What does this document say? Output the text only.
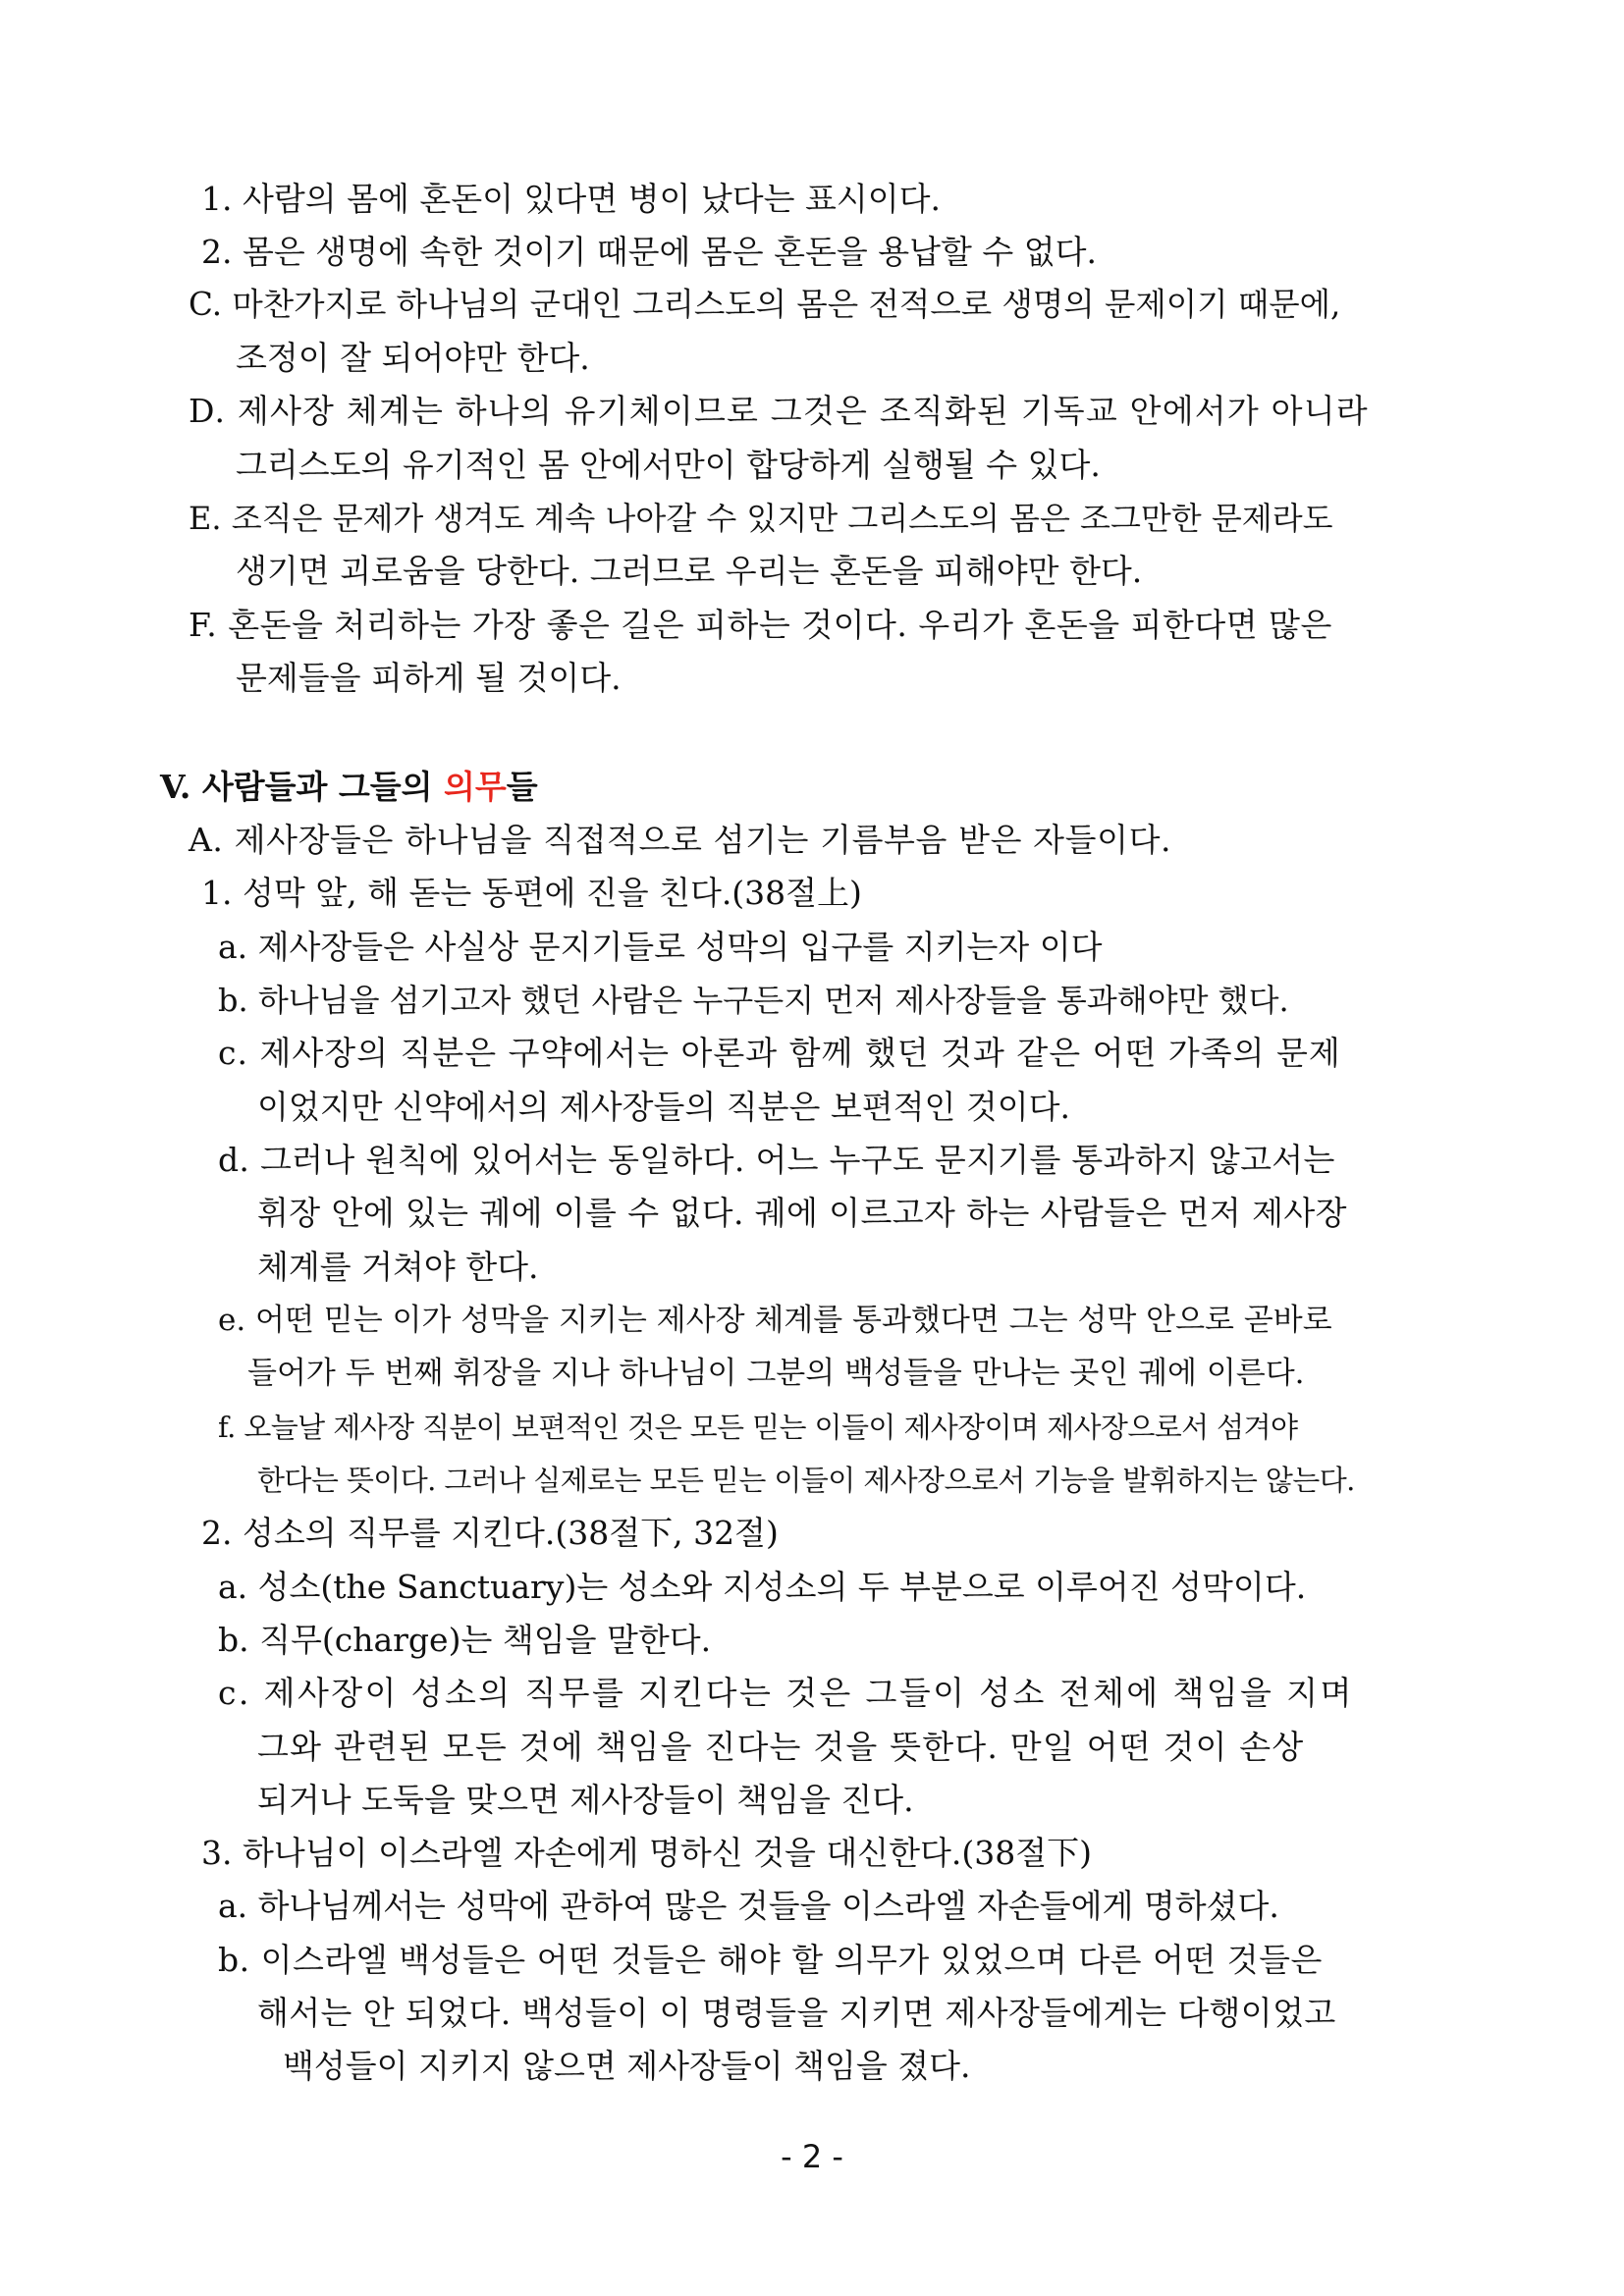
1. 사람의 몸에 혼돈이 있다면 병이 났다는 표시이다.
2. 몸은 생명에 속한 것이기 때문에 몸은 혼돈을 용납할 수 없다.
C. 마찬가지로 하나님의 군대인 그리스도의 몸은 전적으로 생명의 문제이기 때문에,
조정이 잘 되어야만 한다.
D. 제사장 체계는 하나의 유기체이므로 그것은 조직화된 기독교 안에서가 아니라
그리스도의 유기적인 몸 안에서만이 합당하게 실행될 수 있다.
E. 조직은 문제가 생겨도 계속 나아갈 수 있지만 그리스도의 몸은 조그만한 문제라도
생기면 괴로움을 당한다. 그러므로 우리는 혼돈을 피해야만 한다.
F. 혼돈을 처리하는 가장 좋은 길은 피하는 것이다. 우리가 혼돈을 피한다면 많은
문제들을 피하게 될 것이다.
V. 사람들과 그들의 의무들
A. 제사장들은 하나님을 직접적으로 섬기는 기름부음 받은 자들이다.
1. 성막 앞, 해 돋는 동편에 진을 친다.(38절上)
a. 제사장들은 사실상 문지기들로 성막의 입구를 지키는자 이다
b. 하나님을 섬기고자 했던 사람은 누구든지 먼저 제사장들을 통과해야만 했다.
c. 제사장의 직분은 구약에서는 아론과 함께 했던 것과 같은 어떤 가족의 문제
이었지만 신약에서의 제사장들의 직분은 보편적인 것이다.
d. 그러나 원칙에 있어서는 동일하다. 어느 누구도 문지기를 통과하지 않고서는
휘장 안에 있는 궤에 이를 수 없다. 궤에 이르고자 하는 사람들은 먼저 제사장
체계를 거쳐야 한다.
e. 어떤 믿는 이가 성막을 지키는 제사장 체계를 통과했다면 그는 성막 안으로 곧바로
들어가 두 번째 휘장을 지나 하나님이 그분의 백성들을 만나는 곳인 궤에 이른다.
f. 오늘날 제사장 직분이 보편적인 것은 모든 믿는 이들이 제사장이며 제사장으로서 섬겨야
한다는 뜻이다. 그러나 실제로는 모든 믿는 이들이 제사장으로서 기능을 발휘하지는 않는다.
2. 성소의 직무를 지킨다.(38절下, 32절)
a. 성소(the Sanctuary)는 성소와 지성소의 두 부분으로 이루어진 성막이다.
b. 직무(charge)는 책임을 말한다.
c. 제사장이 성소의 직무를 지킨다는 것은 그들이 성소 전체에 책임을 지며
그와 관련된 모든 것에 책임을 진다는 것을 뜻한다. 만일 어떤 것이 손상
되거나 도둑을 맞으면 제사장들이 책임을 진다.
3. 하나님이 이스라엘 자손에게 명하신 것을 대신한다.(38절下)
a. 하나님께서는 성막에 관하여 많은 것들을 이스라엘 자손들에게 명하셨다.
b. 이스라엘 백성들은 어떤 것들은 해야 할 의무가 있었으며 다른 어떤 것들은
해서는 안 되었다. 백성들이 이 명령들을 지키면 제사장들에게는 다행이었고
백성들이 지키지 않으면 제사장들이 책임을 졌다.
- 2 -
